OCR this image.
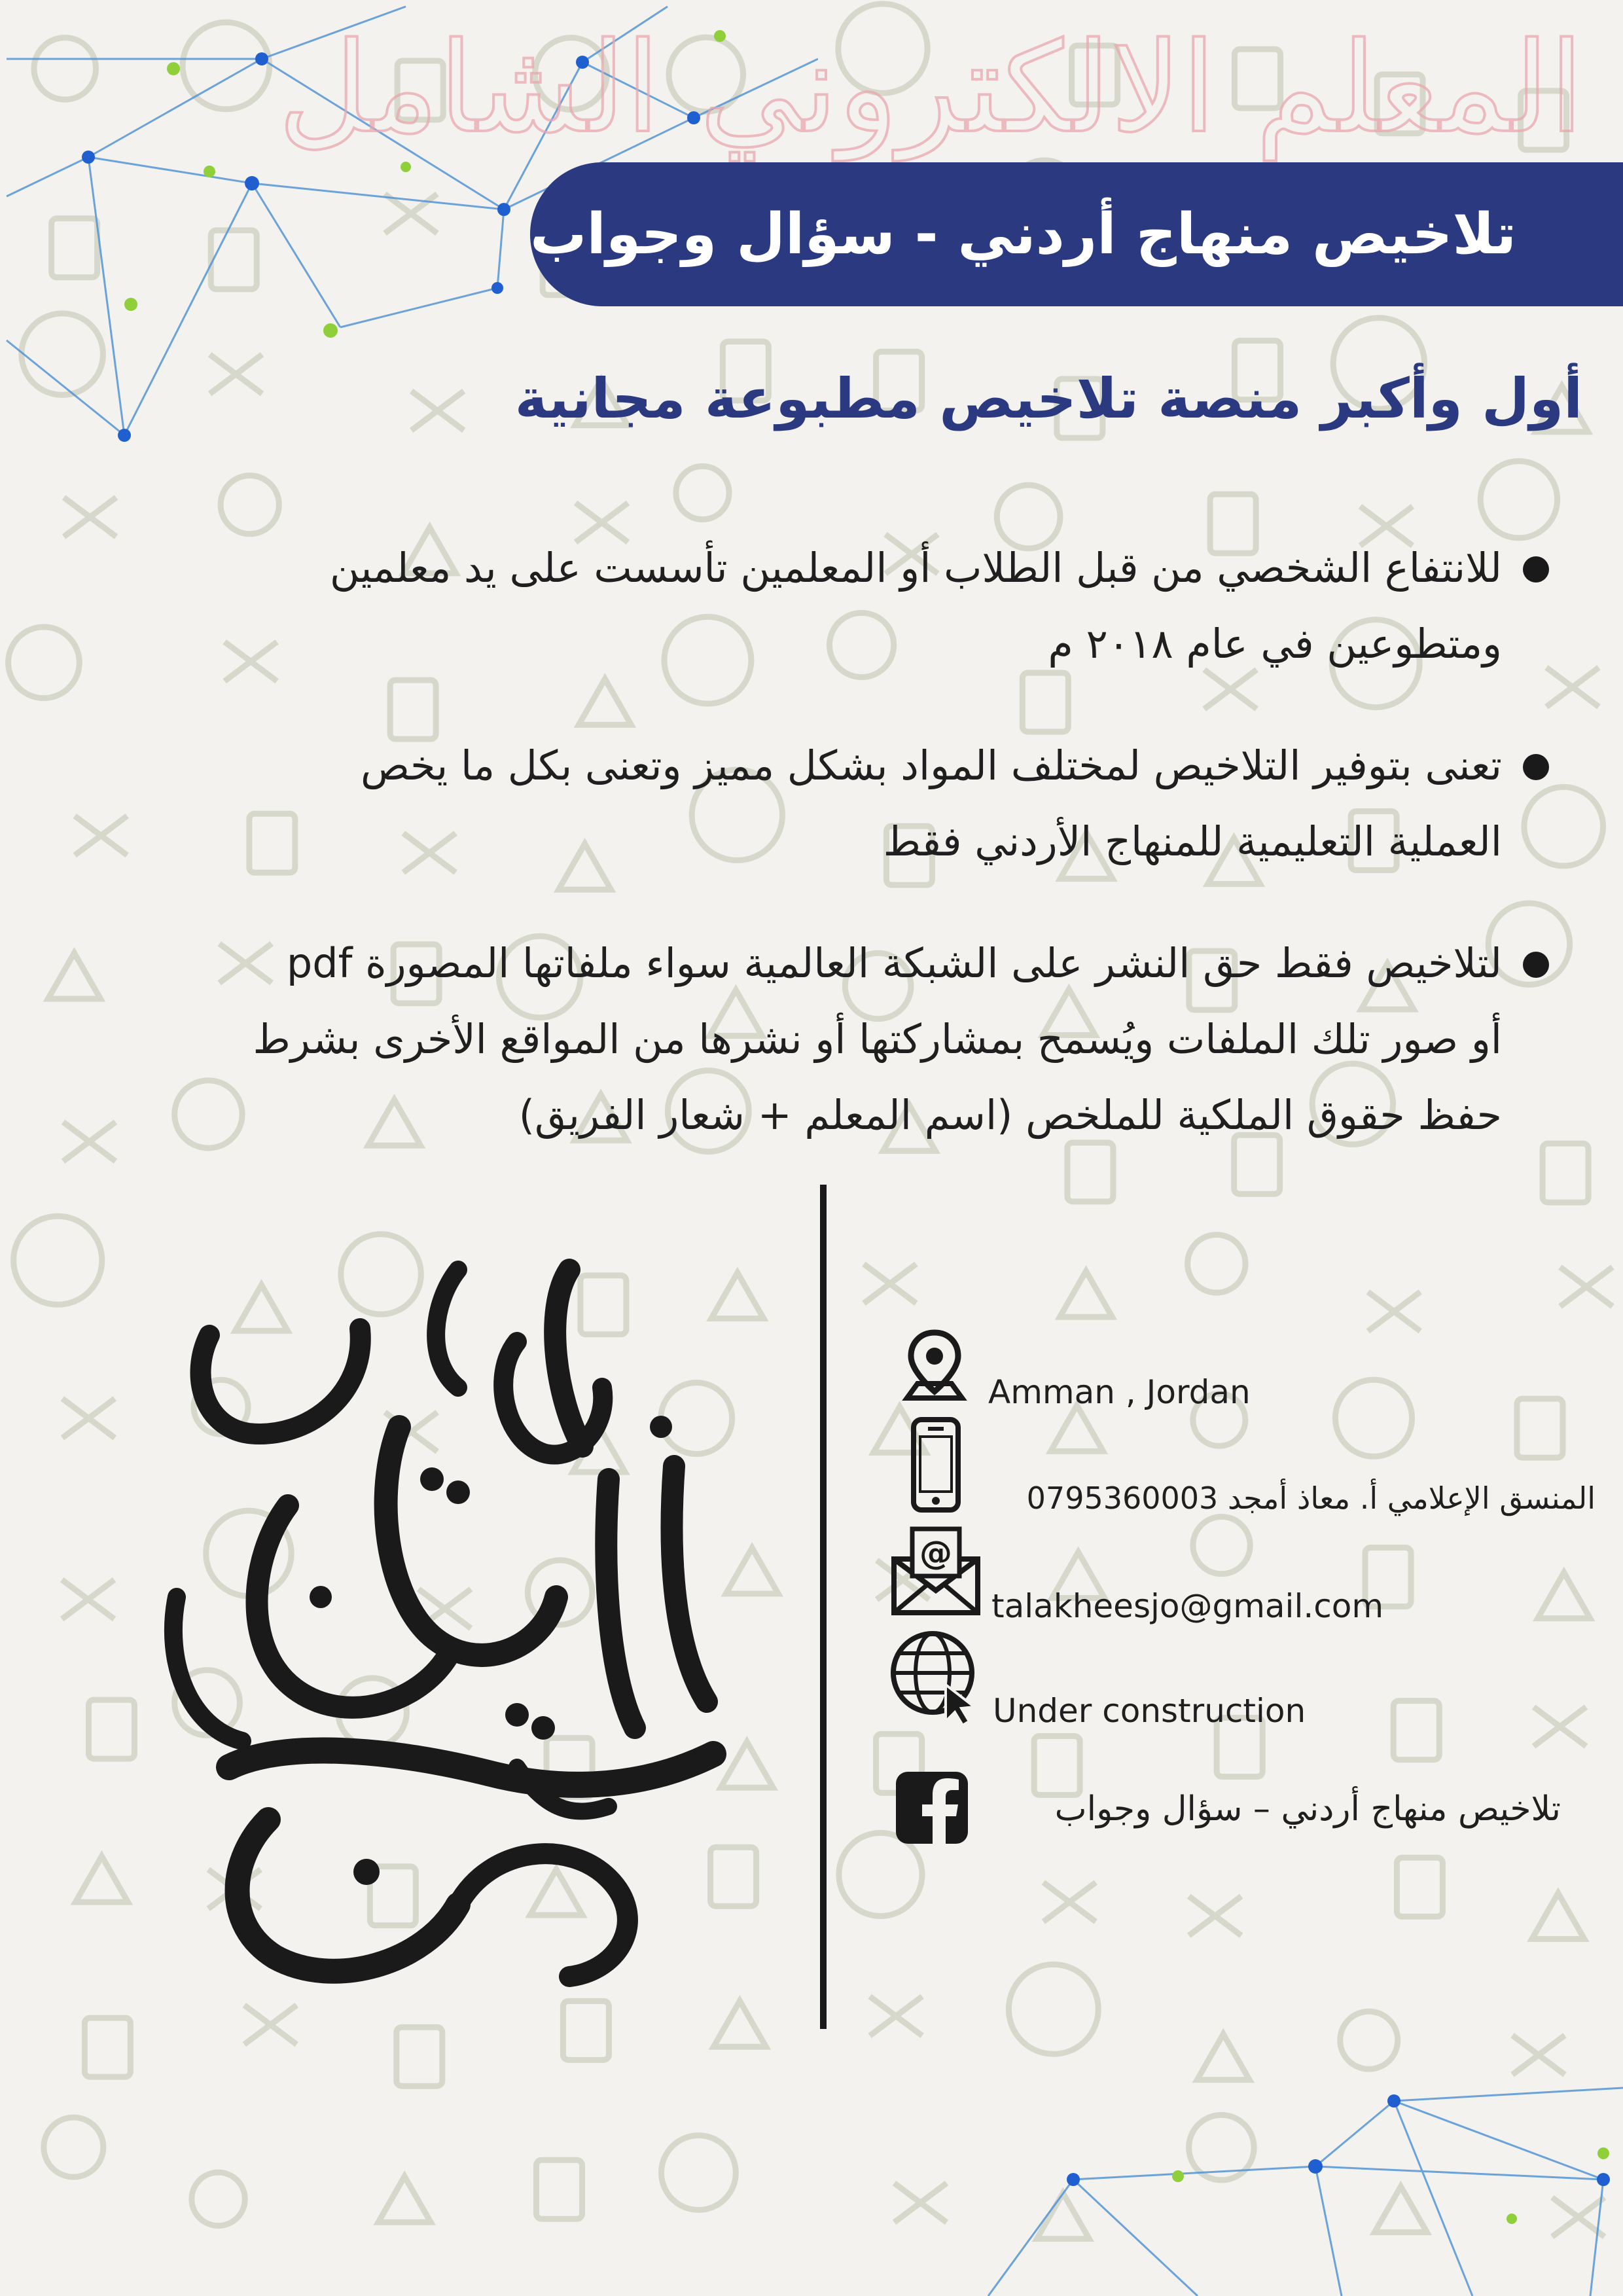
المعلم الالكتروني الشامل
تلاخيص منهاج أردني - سؤال وجواب
أول وأكبر منصة تلاخيص مطبوعة مجانية
للانتفاع الشخصي من قبل الطلاب أو المعلمين تأسست على يد معلمين
ومتطوعين في عام ٢٠١٨ م
تعنى بتوفير التلاخيص لمختلف المواد بشكل مميز وتعنى بكل ما يخص
العملية التعليمية للمنهاج الأردني فقط
لتلاخيص فقط حق النشر على الشبكة العالمية سواء ملفاتها المصورة pdf
أو صور تلك الملفات ويُسمح بمشاركتها أو نشرها من المواقع الأخرى بشرط
حفظ حقوق الملكية للملخص (اسم المعلم + شعار الفريق)
Amman , Jordan
المنسق الإعلامي أ. معاذ أمجد 0795360003
@
talakheesjo@gmail.com
Under construction
تلاخيص منهاج أردني – سؤال وجواب
